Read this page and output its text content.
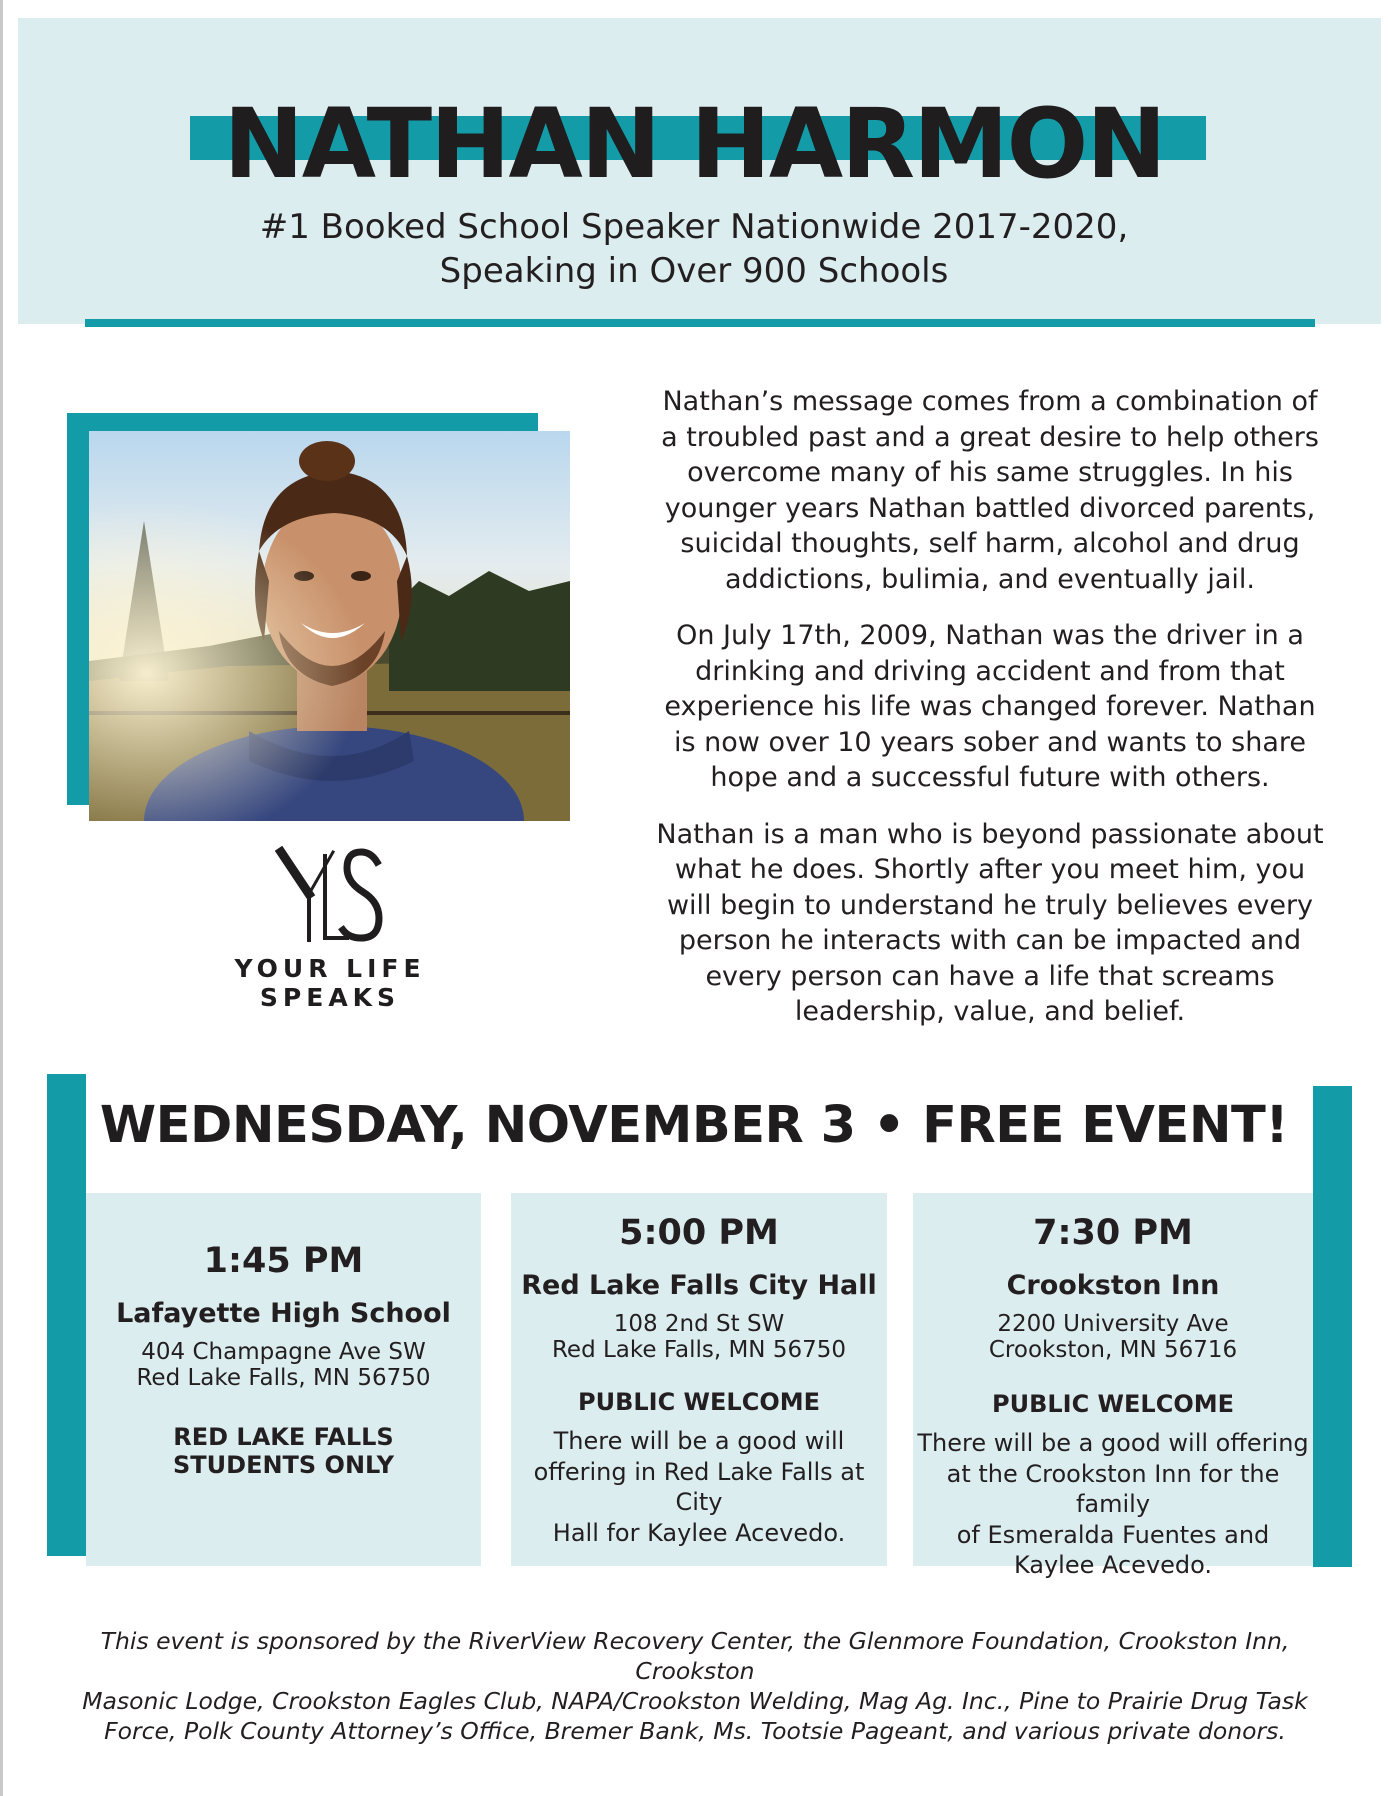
NATHAN HARMON
#1 Booked School Speaker Nationwide 2017-2020,
Speaking in Over 900 Schools
YOUR LIFE SPEAKS

Nathan’s message comes from a combination of a troubled past and a great desire to help others overcome many of his same struggles. In his younger years Nathan battled divorced parents, suicidal thoughts, self harm, alcohol and drug addictions, bulimia, and eventually jail.

On July 17th, 2009, Nathan was the driver in a drinking and driving accident and from that experience his life was changed forever. Nathan is now over 10 years sober and wants to share hope and a successful future with others.

Nathan is a man who is beyond passionate about what he does. Shortly after you meet him, you will begin to understand he truly believes every person he interacts with can be impacted and every person can have a life that screams leadership, value, and belief.

WEDNESDAY, NOVEMBER 3 • FREE EVENT!
1:45 PM
Lafayette High School
404 Champagne Ave SW
Red Lake Falls, MN 56750
RED LAKE FALLS
STUDENTS ONLY
5:00 PM
Red Lake Falls City Hall
108 2nd St SW
Red Lake Falls, MN 56750
PUBLIC WELCOME
There will be a good will
offering in Red Lake Falls at City
Hall for Kaylee Acevedo.
7:30 PM
Crookston Inn
2200 University Ave
Crookston, MN 56716
PUBLIC WELCOME
There will be a good will offering
at the Crookston Inn for the family
of Esmeralda Fuentes and
Kaylee Acevedo.
This event is sponsored by the RiverView Recovery Center, the Glenmore Foundation, Crookston Inn, Crookston
Masonic Lodge, Crookston Eagles Club, NAPA/Crookston Welding, Mag Ag. Inc., Pine to Prairie Drug Task
Force, Polk County Attorney’s Office, Bremer Bank, Ms. Tootsie Pageant, and various private donors.
